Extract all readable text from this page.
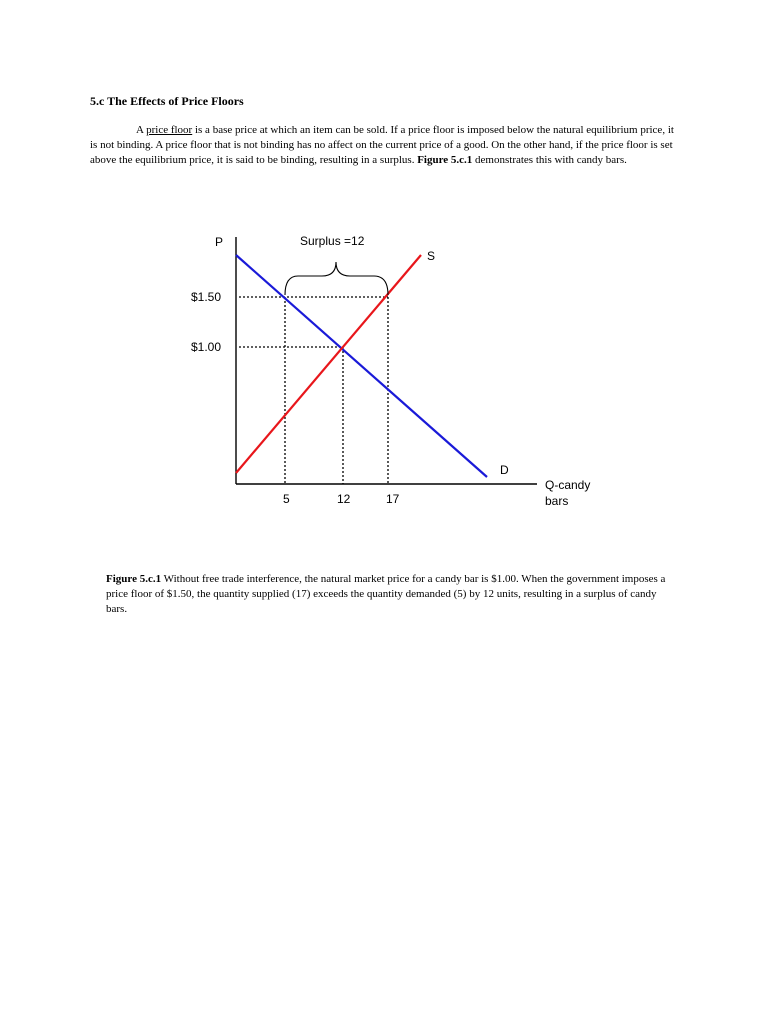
5.c The Effects of Price Floors

A price floor is a base price at which an item can be sold. If a price floor is imposed below the natural equilibrium price, it is not binding. A price floor that is not binding has no affect on the current price of a good. On the other hand, if the price floor is set above the equilibrium price, it is said to be binding, resulting in a surplus. Figure 5.c.1 demonstrates this with candy bars.

P	Surplus =12
S
D
$1.50
$1.00
5	12	17
Q-candy
bars

Figure 5.c.1 Without free trade interference, the natural market price for a candy bar is $1.00. When the government imposes a price floor of $1.50, the quantity supplied (17) exceeds the quantity demanded (5) by 12 units, resulting in a surplus of candy bars.
